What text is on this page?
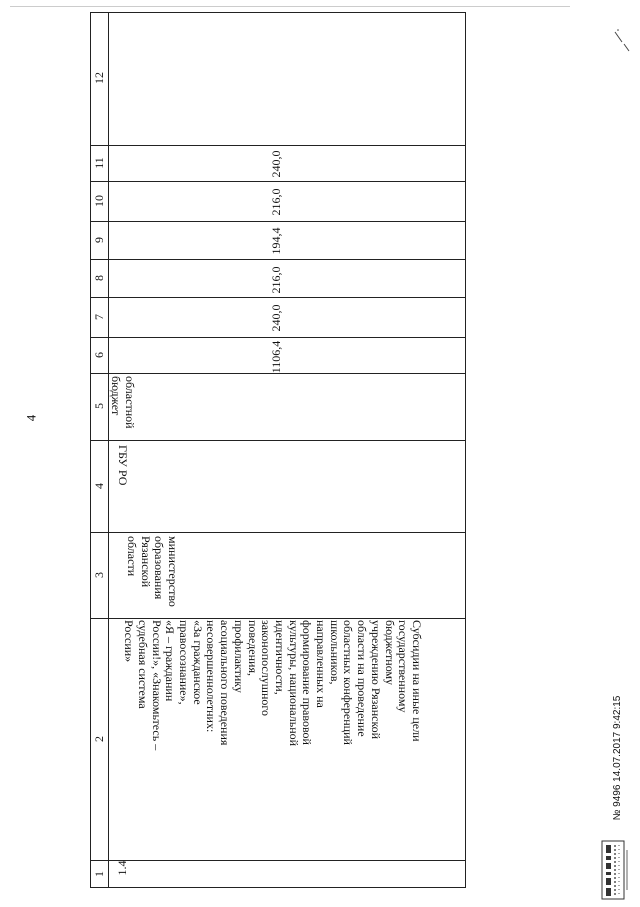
4
1
2
3
4
5
6
7
8
9
10
11
12
1.4
Субсидии на иные цели
государственному
бюджетному
учреждению Рязанской
области на проведение
областных конференций
школьников,
направленных на
формирование правовой
культуры, национальной
идентичности,
законопослушного
поведения,
профилактику
асоциального поведения
несовершеннолетних:
«За гражданское
правосознание»,
«Я – гражданин
России!», «Знакомьтесь –
судебная система
России»
министерство
образования
Рязанской
области
ГБУ РО
областной
бюджет
1106,4
240,0
216,0
194,4
216,0
240,0
№ 9496 14.07.2017 9:42:15
